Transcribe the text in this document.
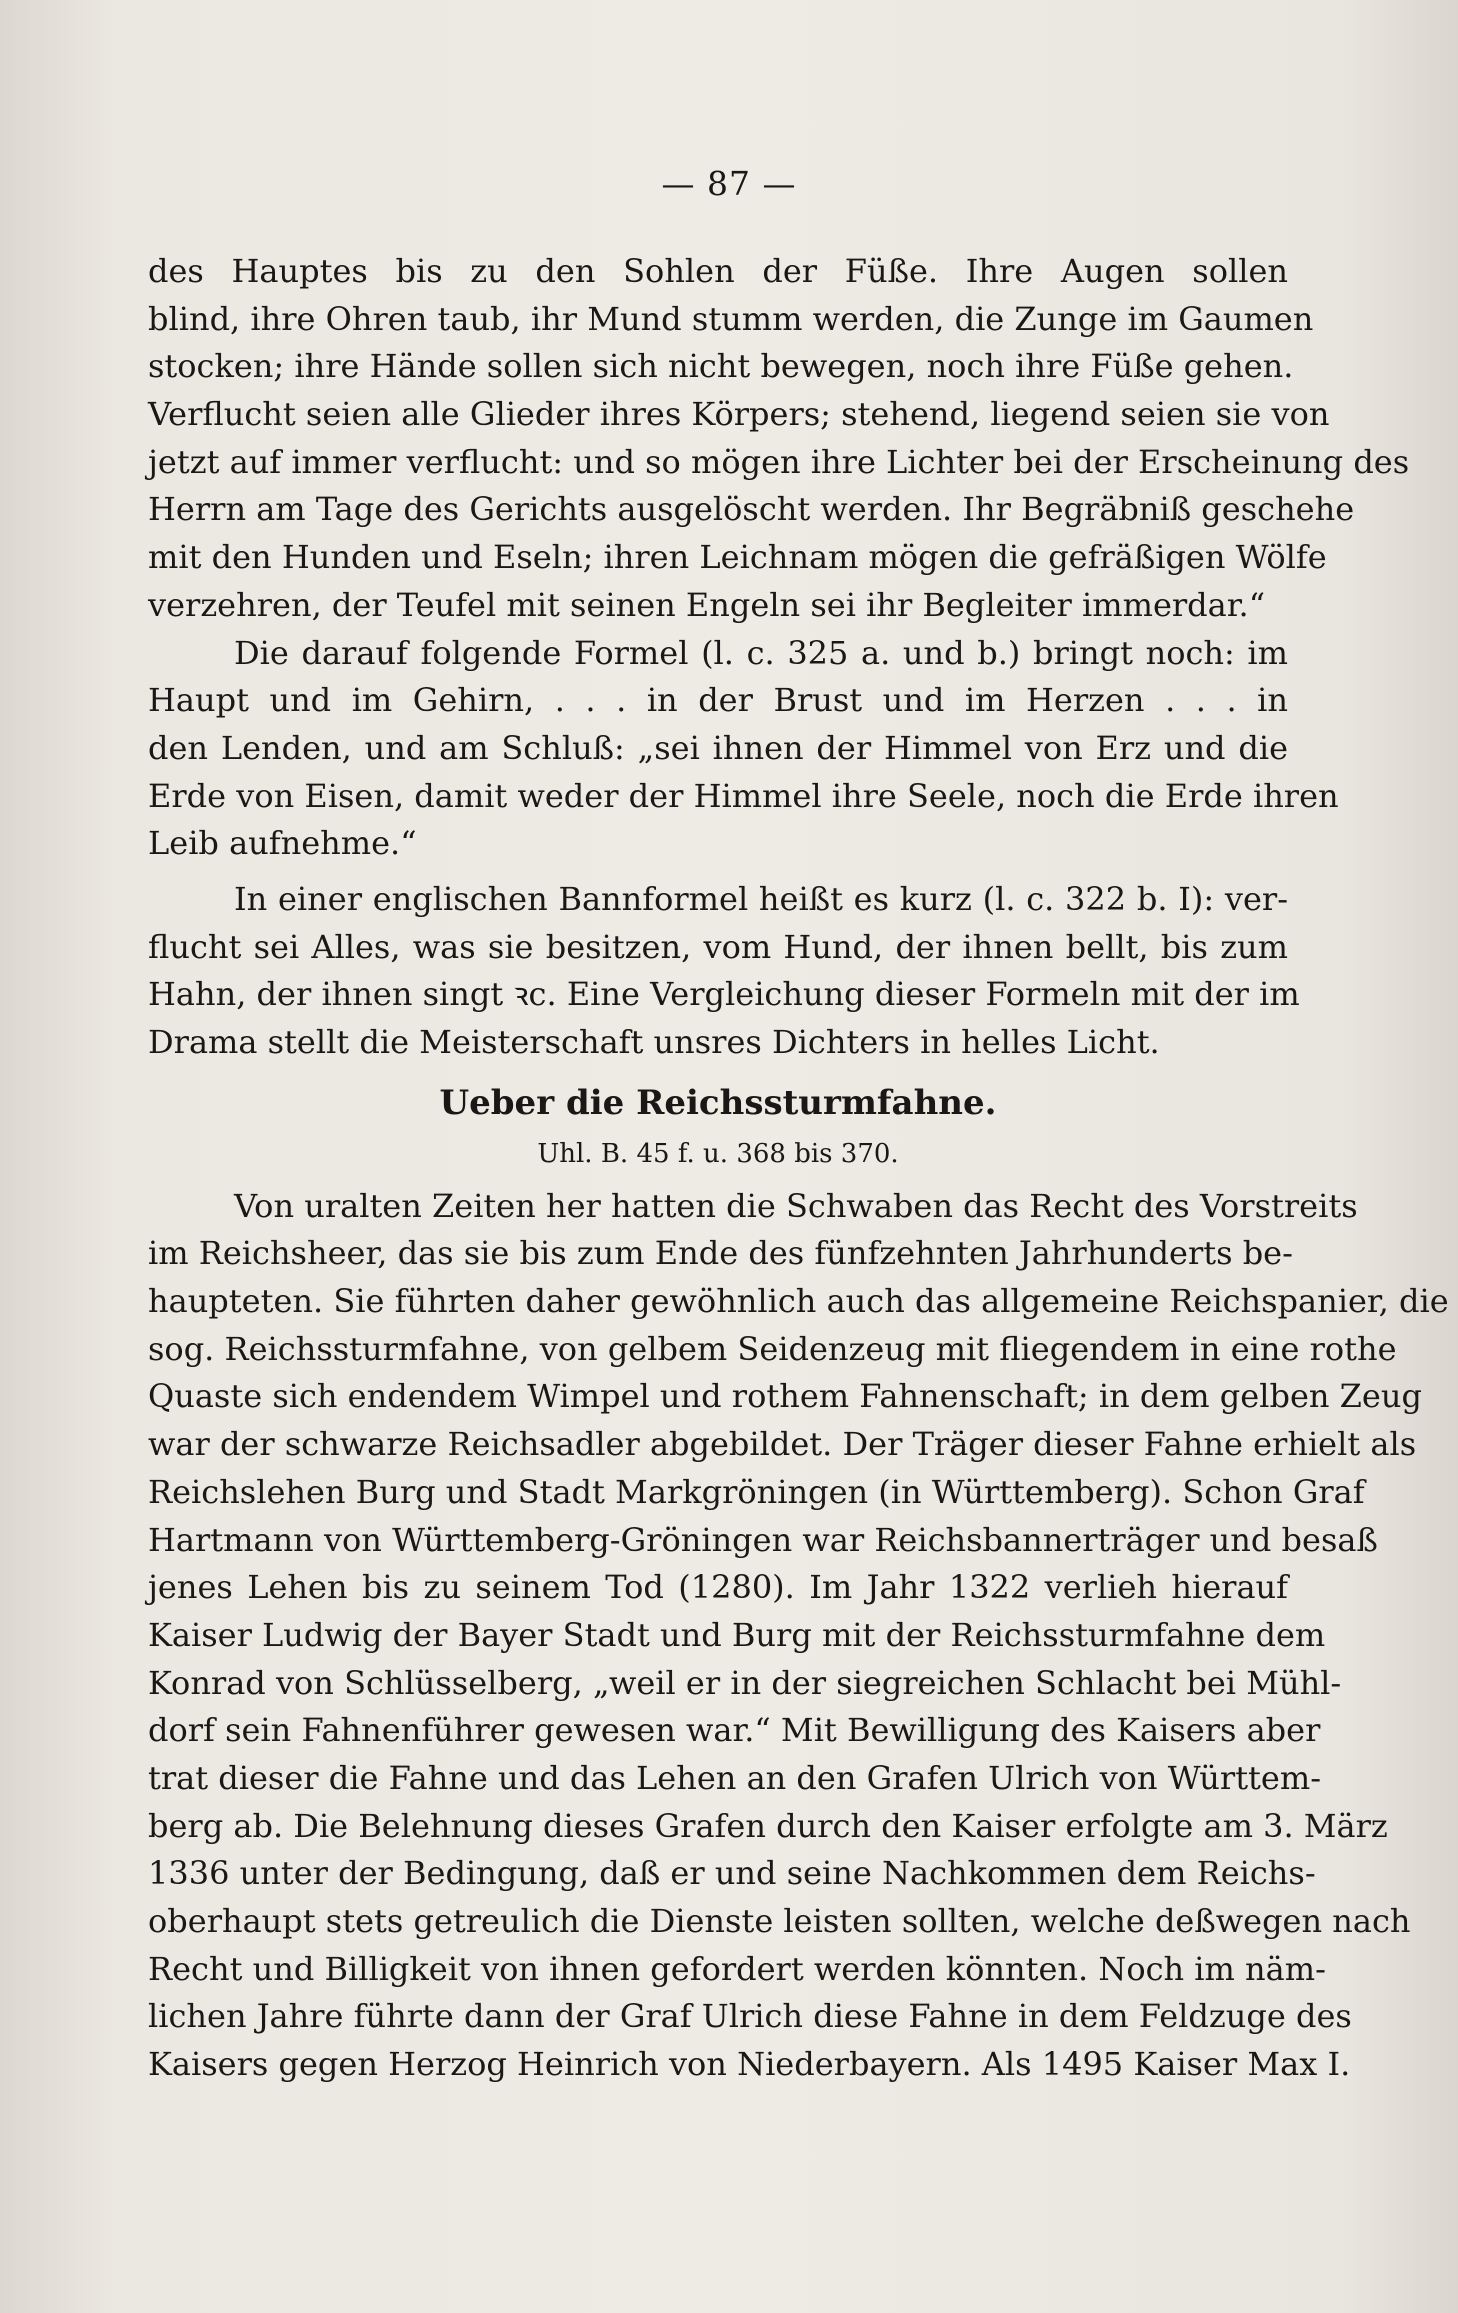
— 87 —
des Hauptes bis zu den Sohlen der Füße. Ihre Augen sollen
blind, ihre Ohren taub, ihr Mund stumm werden, die Zunge im Gaumen
stocken; ihre Hände sollen sich nicht bewegen, noch ihre Füße gehen.
Verflucht seien alle Glieder ihres Körpers; stehend, liegend seien sie von
jetzt auf immer verflucht: und so mögen ihre Lichter bei der Erscheinung des
Herrn am Tage des Gerichts ausgelöscht werden. Ihr Begräbniß geschehe
mit den Hunden und Eseln; ihren Leichnam mögen die gefräßigen Wölfe
verzehren, der Teufel mit seinen Engeln sei ihr Begleiter immerdar.“
Die darauf folgende Formel (l. c. 325 a. und b.) bringt noch: im
Haupt und im Gehirn, . . . in der Brust und im Herzen . . . in
den Lenden, und am Schluß: „sei ihnen der Himmel von Erz und die
Erde von Eisen, damit weder der Himmel ihre Seele, noch die Erde ihren
Leib aufnehme.“
In einer englischen Bannformel heißt es kurz (l. c. 322 b. I): ver-
flucht sei Alles, was sie besitzen, vom Hund, der ihnen bellt, bis zum
Hahn, der ihnen singt ꝛc. Eine Vergleichung dieser Formeln mit der im
Drama stellt die Meisterschaft unsres Dichters in helles Licht.
Ueber die Reichssturmfahne.
Uhl. B. 45 f. u. 368 bis 370.
Von uralten Zeiten her hatten die Schwaben das Recht des Vorstreits
im Reichsheer, das sie bis zum Ende des fünfzehnten Jahrhunderts be-
haupteten. Sie führten daher gewöhnlich auch das allgemeine Reichspanier, die
sog. Reichssturmfahne, von gelbem Seidenzeug mit fliegendem in eine rothe
Quaste sich endendem Wimpel und rothem Fahnenschaft; in dem gelben Zeug
war der schwarze Reichsadler abgebildet. Der Träger dieser Fahne erhielt als
Reichslehen Burg und Stadt Markgröningen (in Württemberg). Schon Graf
Hartmann von Württemberg-Gröningen war Reichsbannerträger und besaß
jenes Lehen bis zu seinem Tod (1280). Im Jahr 1322 verlieh hierauf
Kaiser Ludwig der Bayer Stadt und Burg mit der Reichssturmfahne dem
Konrad von Schlüsselberg, „weil er in der siegreichen Schlacht bei Mühl-
dorf sein Fahnenführer gewesen war.“ Mit Bewilligung des Kaisers aber
trat dieser die Fahne und das Lehen an den Grafen Ulrich von Württem-
berg ab. Die Belehnung dieses Grafen durch den Kaiser erfolgte am 3. März
1336 unter der Bedingung, daß er und seine Nachkommen dem Reichs-
oberhaupt stets getreulich die Dienste leisten sollten, welche deßwegen nach
Recht und Billigkeit von ihnen gefordert werden könnten. Noch im näm-
lichen Jahre führte dann der Graf Ulrich diese Fahne in dem Feldzuge des
Kaisers gegen Herzog Heinrich von Niederbayern. Als 1495 Kaiser Max I.
